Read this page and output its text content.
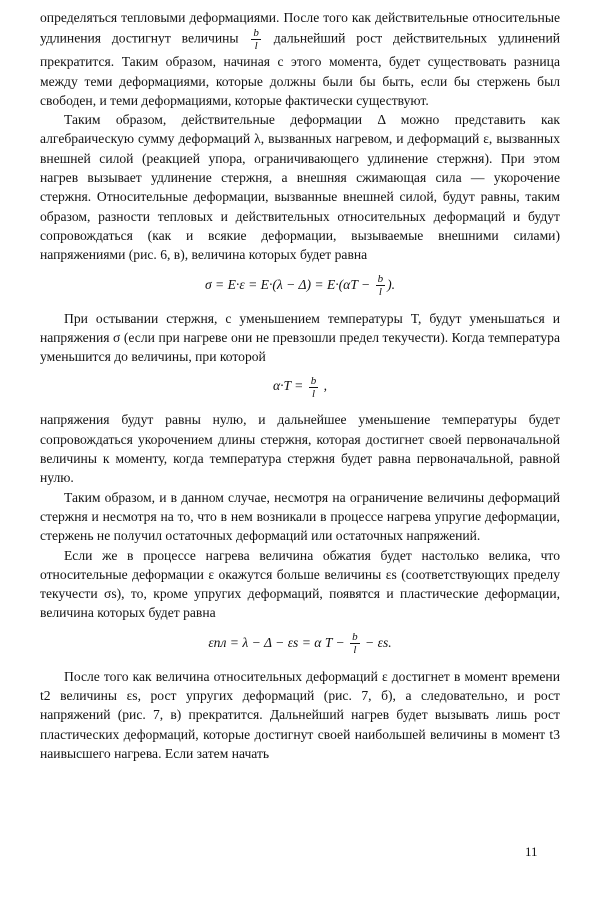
определяться тепловыми деформациями. После того как действительные относительные удлинения достигнут величины $\frac{b}{l}$ дальнейший рост действительных удлинений прекратится. Таким образом, начиная с этого момента, будет существовать разница между теми деформациями, которые должны были бы быть, если бы стержень был свободен, и теми деформациями, которые фактически существуют.

Таким образом, действительные деформации Δ можно представить как алгебраическую сумму деформаций λ, вызванных нагревом, и деформаций ε, вызванных внешней силой (реакцией упора, ограничивающего удлинение стержня). При этом нагрев вызывает удлинение стержня, а внешняя сжимающая сила — укорочение стержня. Относительные деформации, вызванные внешней силой, будут равны, таким образом, разности тепловых и действительных относительных деформаций и будут сопровождаться (как и всякие деформации, вызываемые внешними силами) напряжениями (рис. 6, в), величина которых будет равна

$\sigma = E\cdot\varepsilon = E\cdot(\lambda - \Delta) = E\cdot(\alpha T - \frac{b}{l}$ ).

При остывании стержня, с уменьшением температуры T, будут уменьшаться и напряжения σ (если при нагреве они не превзошли предел текучести). Когда температура уменьшится до величины, при которой

$\alpha\cdot T = \frac{b}{l}$ ,

напряжения будут равны нулю, и дальнейшее уменьшение температуры будет сопровождаться укорочением длины стержня, которая достигнет своей первоначальной величины к моменту, когда температура стержня будет равна первоначальной, равной нулю.

Таким образом, и в данном случае, несмотря на ограничение величины деформаций стержня и несмотря на то, что в нем возникали в процессе нагрева упругие деформации, стержень не получил остаточных деформаций или остаточных напряжений.

Если же в процессе нагрева величина обжатия будет настолько велика, что относительные деформации ε окажутся больше величины εs (соответствующих пределу текучести σs), то, кроме упругих деформаций, появятся и пластические деформации, величина которых будет равна

εпл = λ − Δ − εs = α $T - \frac{b}{l} - \varepsilon s$.

После того как величина относительных деформаций ε достигнет в момент времени t2 величины εs, рост упругих деформаций (рис. 7, б), а следовательно, и рост напряжений (рис. 7, в) прекратится. Дальнейший нагрев будет вызывать лишь рост пластических деформаций, которые достигнут своей наибольшей величины в момент t3 наивысшего нагрева. Если затем начать

11
